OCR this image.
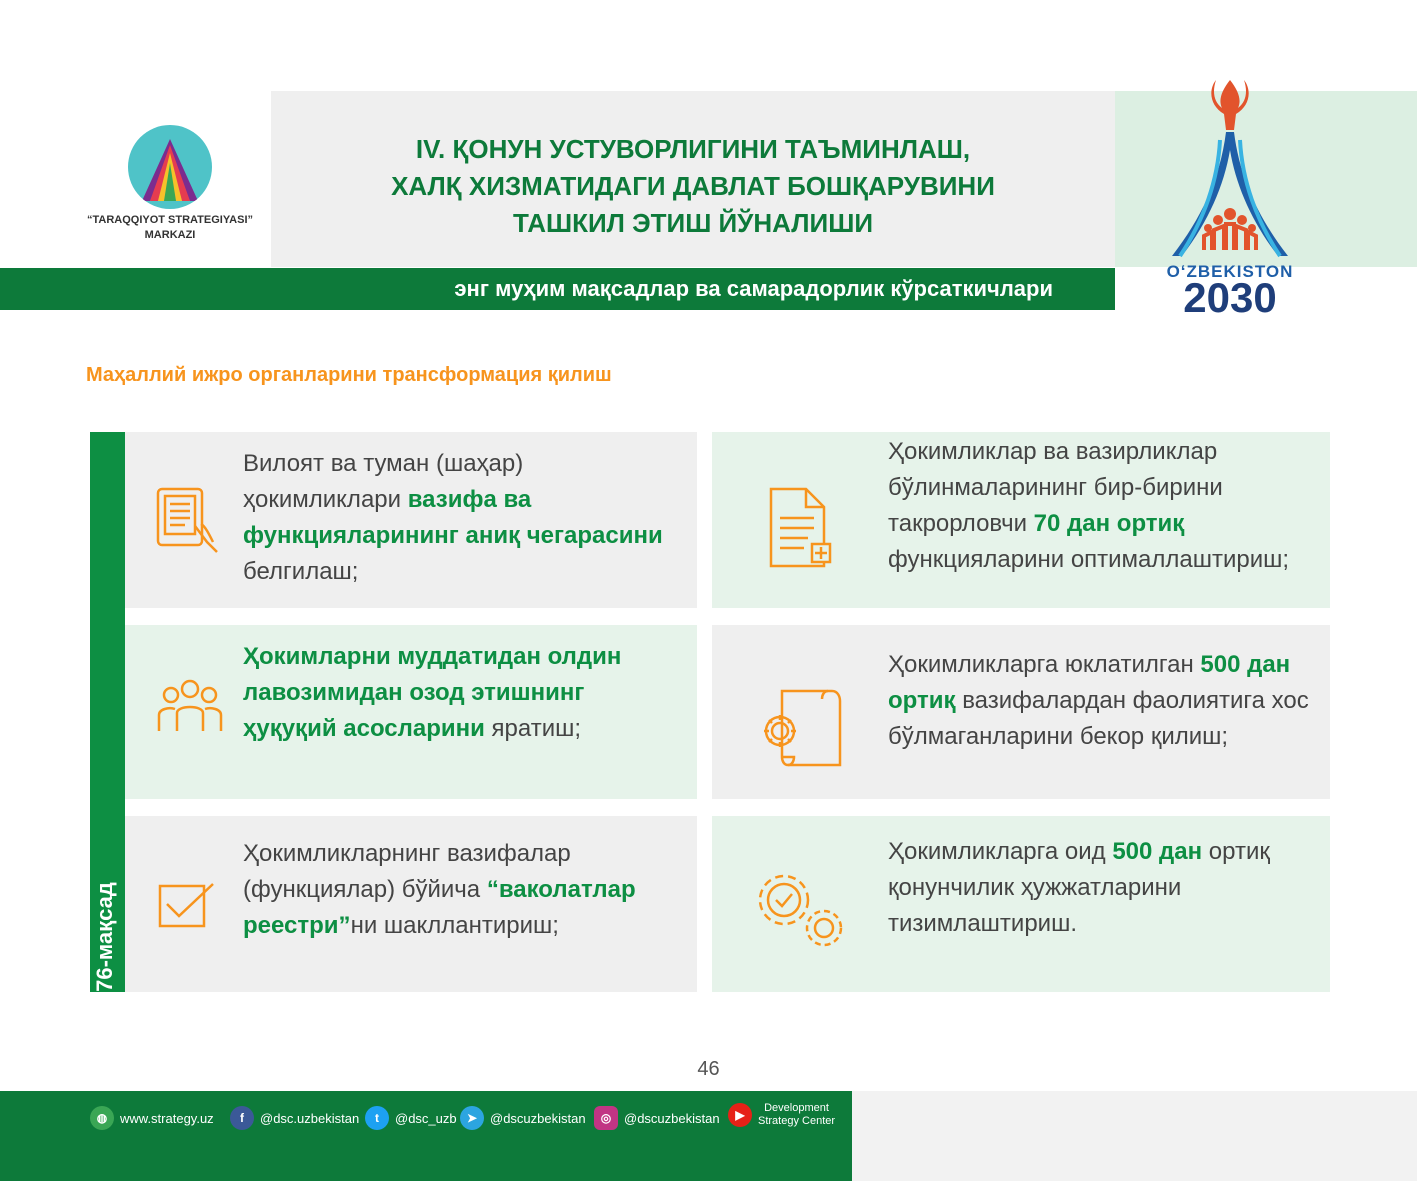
“TARAQQIYOT STRATEGIYASI”
MARKAZI
IV. ҚОНУН УСТУВОРЛИГИНИ ТАЪМИНЛАШ,
ХАЛҚ ХИЗМАТИДАГИ ДАВЛАТ БОШҚАРУВИНИ
ТАШКИЛ ЭТИШ ЙЎНАЛИШИ
энг муҳим мақсадлар ва самарадорлик кўрсаткичлари
OʻZBEKISTON
2030
Маҳаллий ижро органларини трансформация қилиш
76-мақсад
Вилоят ва туман (шаҳар) ҳокимликлари вазифа ва функцияларининг аниқ чегарасини белгилаш;
Ҳокимликлар ва вазирликлар бўлинмаларининг бир-бирини такрорловчи 70 дан ортиқ функцияларини оптималлаштириш;
Ҳокимларни муддатидан олдин лавозимидан озод этишнинг ҳуқуқий асосларини яратиш;
Ҳокимликларга юклатилган 500 дан ортиқ вазифалардан фаолиятига хос бўлмаганларини бекор қилиш;
Ҳокимликларнинг вазифалар (функциялар) бўйича “ваколатлар реестри”ни шакллантириш;
Ҳокимликларга оид 500 дан ортиқ қонунчилик ҳужжатларини тизимлаштириш.
46
◍ www.strategy.uz	f	@dsc.uzbekistan	t	@dsc_uzb ➤ @dscuzbekistan	◎ @dscuzbekistan	▶	Development
Strategy Center
